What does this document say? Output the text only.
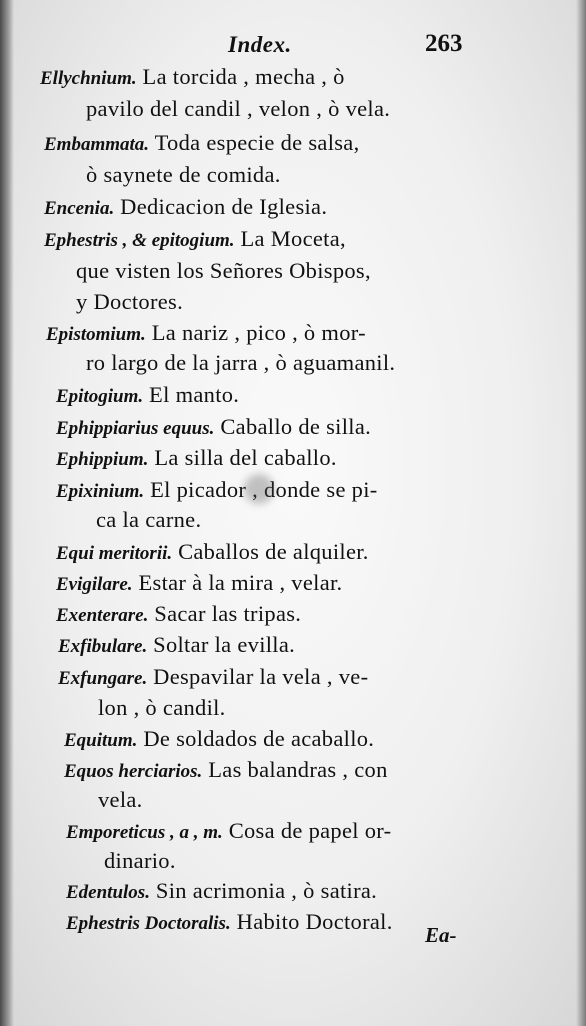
Index.	263
Ellychnium. La torcida , mecha , ò
pavilo del candil , velon , ò vela.
Embammata. Toda especie de salsa,
ò saynete de comida.
Encenia. Dedicacion de Iglesia.
Ephestris , & epitogium. La Moceta,
que visten los Señores Obispos,
y Doctores.
Epistomium. La nariz , pico , ò mor-
ro largo de la jarra , ò aguamanil.
Epitogium. El manto.
Ephippiarius equus. Caballo de silla.
Ephippium. La silla del caballo.
Epixinium. El picador , donde se pi-
ca la carne.
Equi meritorii. Caballos de alquiler.
Evigilare. Estar à la mira , velar.
Exenterare. Sacar las tripas.
Exfibulare. Soltar la evilla.
Exfungare. Despavilar la vela , ve-
lon , ò candil.
Equitum. De soldados de acaballo.
Equos herciarios. Las balandras , con
vela.
Emporeticus , a , m. Cosa de papel or-
dinario.
Edentulos. Sin acrimonia , ò satira.
Ephestris Doctoralis. Habito Doctoral.
Ea-
